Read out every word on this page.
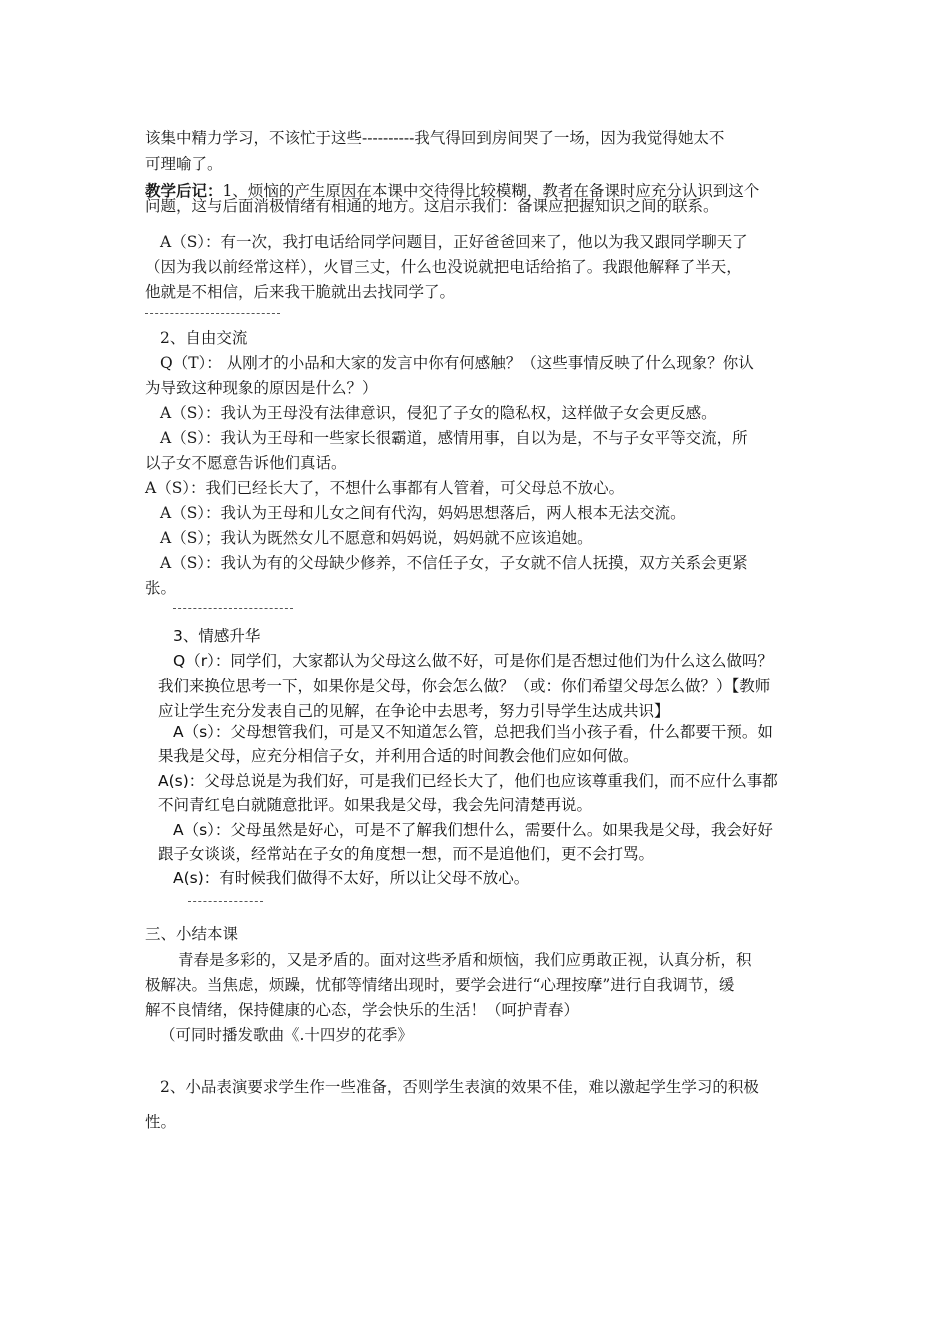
该集中精力学习，不该忙于这些----------我气得回到房间哭了一场，因为我觉得她太不
可理喻了。
教学后记：1、烦恼的产生原因在本课中交待得比较模糊，教者在备课时应充分认识到这个
问题，这与后面消极情绪有相通的地方。这启示我们：备课应把握知识之间的联系。
A（S）：有一次，我打电话给同学问题目，正好爸爸回来了，他以为我又跟同学聊天了
（因为我以前经常这样），火冒三丈，什么也没说就把电话给掐了。我跟他解释了半天，
他就是不相信，后来我干脆就出去找同学了。
2、自由交流
Q（T）： 从刚才的小品和大家的发言中你有何感触？（这些事情反映了什么现象？你认
为导致这种现象的原因是什么？）
A（S）：我认为王母没有法律意识，侵犯了子女的隐私权，这样做子女会更反感。
A（S）：我认为王母和一些家长很霸道，感情用事，自以为是，不与子女平等交流，所
以子女不愿意告诉他们真话。
A（S）：我们已经长大了，不想什么事都有人管着，可父母总不放心。
A（S）：我认为王母和儿女之间有代沟，妈妈思想落后，两人根本无法交流。
A（S）；我认为既然女儿不愿意和妈妈说，妈妈就不应该追她。
A（S）：我认为有的父母缺少修养，不信任子女，子女就不信人抚摸，双方关系会更紧
张。
3、情感升华
Q（r）：同学们，大家都认为父母这么做不好，可是你们是否想过他们为什么这么做吗？
我们来换位思考一下，如果你是父母，你会怎么做？（或：你们希望父母怎么做？）【教师
应让学生充分发表自己的见解，在争论中去思考，努力引导学生达成共识】
A（s）：父母想管我们，可是又不知道怎么管，总把我们当小孩子看，什么都要干预。如
果我是父母，应充分相信子女，并利用合适的时间教会他们应如何做。
A(s)：父母总说是为我们好，可是我们已经长大了，他们也应该尊重我们，而不应什么事都
不问青红皂白就随意批评。如果我是父母，我会先问清楚再说。
A（s）：父母虽然是好心，可是不了解我们想什么，需要什么。如果我是父母，我会好好
跟子女谈谈，经常站在子女的角度想一想，而不是追他们，更不会打骂。
A(s)：有时候我们做得不太好，所以让父母不放心。
三、小结本课
青春是多彩的，又是矛盾的。面对这些矛盾和烦恼，我们应勇敢正视，认真分析，积
极解决。当焦虑，烦躁，忧郁等情绪出现时，要学会进行“心理按摩”进行自我调节，缓
解不良情绪，保持健康的心态，学会快乐的生活！（呵护青春）
（可同时播发歌曲《.十四岁的花季》
2、小品表演要求学生作一些准备，否则学生表演的效果不佳，难以激起学生学习的积极
性。
